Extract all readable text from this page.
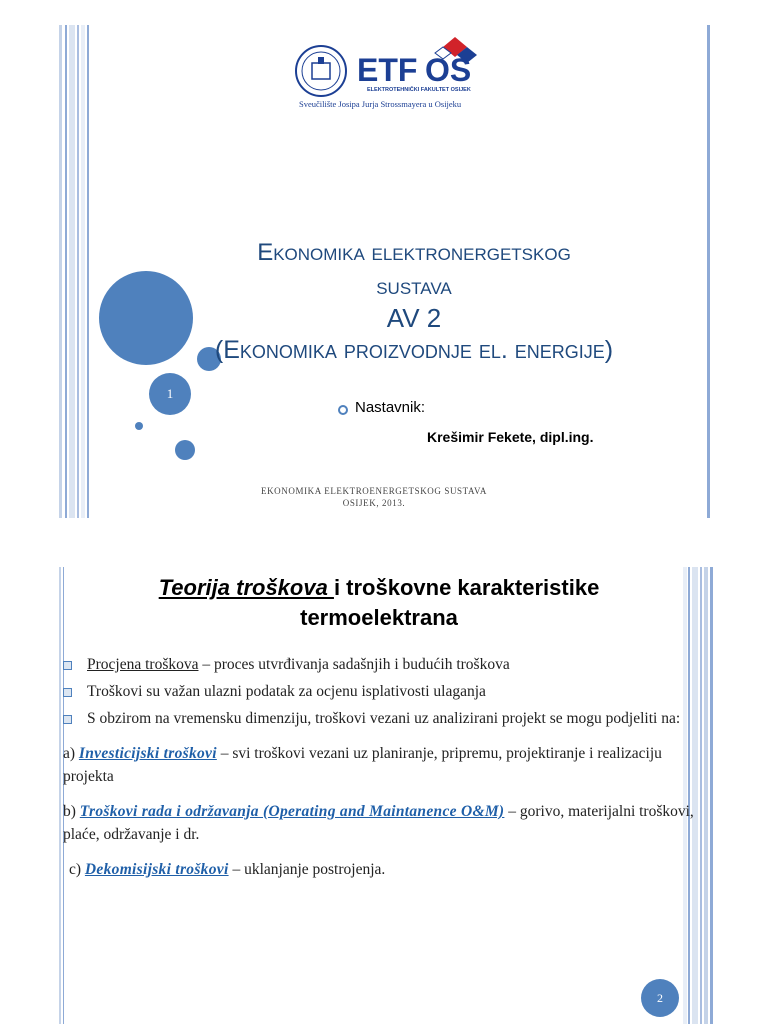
ETF OS
ELEKTROTEHNIČKI FAKULTET OSIJEK
Sveučilište Josipa Jurja Strossmayera u Osijeku
1
Ekonomika elektronergetskog
sustava
AV 2
(Ekonomika proizvodnje el. energije)
Nastavnik:
Krešimir Fekete, dipl.ing.
EKONOMIKA ELEKTROENERGETSKOG SUSTAVA
OSIJEK, 2013.
Teorija troškova i troškovne karakteristike
termoelektrana
Procjena troškova – proces utvrđivanja sadašnjih i budućih troškova
Troškovi su važan ulazni podatak za ocjenu isplativosti ulaganja
S obzirom na vremensku dimenziju, troškovi vezani uz analizirani projekt se mogu podjeliti na:
a) Investicijski troškovi – svi troškovi vezani uz planiranje, pripremu, projektiranje i realizaciju projekta
b) Troškovi rada i održavanja (Operating and Maintanence O&M) – gorivo, materijalni troškovi, plaće, održavanje i dr.
c) Dekomisijski troškovi – uklanjanje postrojenja.
2
